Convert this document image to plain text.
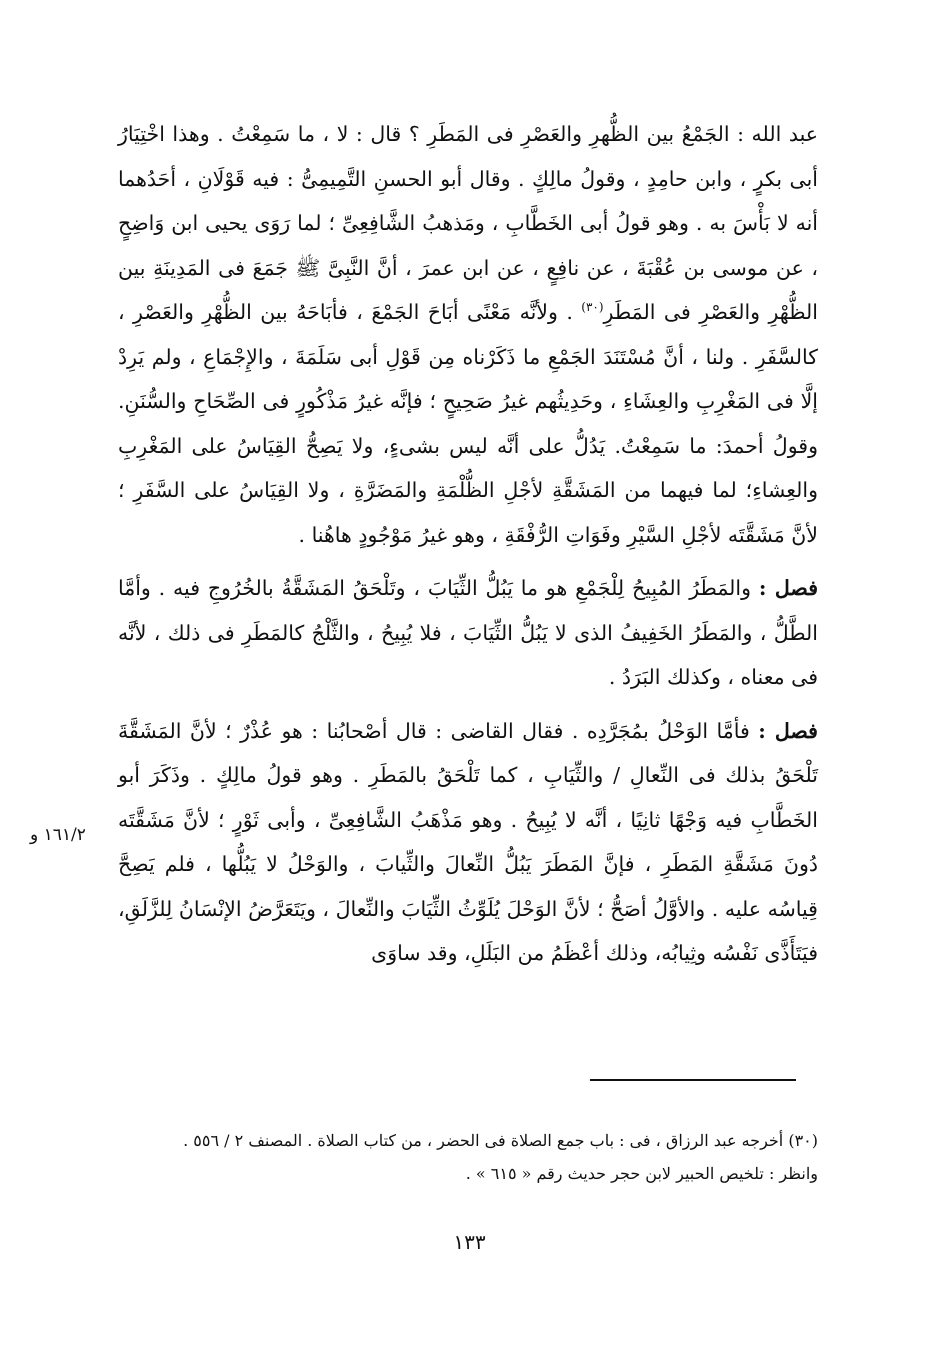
عبد الله : الجَمْعُ بين الظُّهرِ والعَصْرِ فى المَطَرِ ؟ قال : لا ، ما سَمِعْتُ . وهذا اخْتِيَارُ أبى بكرٍ ، وابن حامِدٍ ، وقولُ مالِكٍ . وقال أبو الحسنِ التَّمِيمِىُّ : فيه قَوْلَانِ ، أحَدُهما أنه لا بَأْسَ به . وهو قولُ أبى الخَطَّابِ ، ومَذهبُ الشَّافِعِىِّ ؛ لما رَوَى يحيى ابن وَاضِحٍ ، عن موسى بن عُقْبَةَ ، عن نافِعٍ ، عن ابن عمرَ ، أنَّ النَّبِىَّ ﷺ جَمَعَ فى المَدِينَةِ بين الظُّهْرِ والعَصْرِ فى المَطَرِ$^{(٣٠)}$ . ولأنَّه مَعْنًى أبَاحَ الجَمْعَ ، فأبَاحَهُ بين الظُّهْرِ والعَصْرِ ، كالسَّفَرِ . ولنا ، أنَّ مُسْتَنَدَ الجَمْعِ ما ذَكَرْناه مِن قَوْلِ أبى سَلَمَةَ ، والإِجْمَاعِ ، ولم يَرِدْ إلَّا فى المَغْرِبِ والعِشَاءِ ، وحَدِيثُهم غيرُ صَحِيحٍ ؛ فإنَّه غيرُ مَذْكُورٍ فى الصِّحَاحِ والسُّنَنِ. وقولُ أحمدَ: ما سَمِعْتُ. يَدُلُّ على أنَّه ليس بشىءٍ، ولا يَصِحُّ القِيَاسُ على المَغْرِبِ والعِشاءِ؛ لما فيهما من المَشَقَّةِ لأجْلِ الظُّلْمَةِ والمَضَرَّةِ ، ولا القِيَاسُ على السَّفَرِ ؛ لأنَّ مَشَقَّتَه لأجْلِ السَّيْرِ وفَوَاتِ الرُّفْقَةِ ، وهو غيرُ مَوْجُودٍ هاهُنا .

فصل : والمَطَرُ المُبِيحُ لِلْجَمْعِ هو ما يَبُلُّ الثِّيَابَ ، وتَلْحَقُ المَشَقَّةُ بالخُرُوجِ فيه . وأمَّا الطَّلُّ ، والمَطَرُ الخَفِيفُ الذى لا يَبُلُّ الثِّيَابَ ، فلا يُبِيحُ ، والثَّلْجُ كالمَطَرِ فى ذلك ، لأنَّه فى معناه ، وكذلك البَرَدُ .

فصل : فأمَّا الوَحْلُ بمُجَرَّدِه . فقال القاضى : قال أصْحابُنا : هو عُذْرٌ ؛ لأنَّ المَشَقَّةَ تَلْحَقُ بذلك فى النِّعالِ / والثِّيَابِ ، كما تَلْحَقُ بالمَطَرِ . وهو قولُ مالِكٍ . وذَكَرَ أبو الخَطَّابِ فيه وَجْهًا ثانِيًا ، أنَّه لا يُبِيحُ . وهو مَذْهَبُ الشَّافِعِىِّ ، وأبى ثَوْرٍ ؛ لأنَّ مَشَقَّتَه دُونَ مَشَقَّةِ المَطَرِ ، فإنَّ المَطَرَ يَبُلُّ النِّعالَ والثِّيابَ ، والوَحْلُ لا يَبُلُّها ، فلم يَصِحَّ قِياسُه عليه . والأوَّلُ أصَحُّ ؛ لأنَّ الوَحْلَ يُلَوِّثُ الثِّيَابَ والنِّعالَ ، ويَتَعَرَّضُ الإنْسَانُ لِلزَّلَقِ، فيَتَأَذَّى نَفْسُه وثِيابُه، وذلك أعْظَمُ من البَلَلِ، وقد ساوَى

١٦١/٢ و

(٣٠) أخرجه عبد الرزاق ، فى : باب جمع الصلاة فى الحضر ، من كتاب الصلاة . المصنف ٢ / ٥٥٦ .

وانظر : تلخيص الحبير لابن حجر حديث رقم « ٦١٥ » .

١٣٣
